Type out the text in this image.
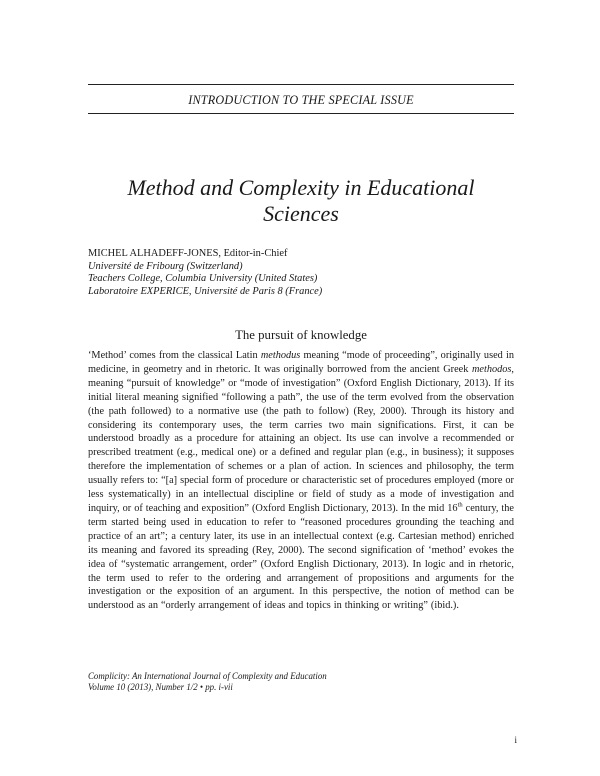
INTRODUCTION TO THE SPECIAL ISSUE
Method and Complexity in Educational Sciences
MICHEL ALHADEFF-JONES, Editor-in-Chief
Université de Fribourg (Switzerland)
Teachers College, Columbia University (United States)
Laboratoire EXPERICE, Université de Paris 8 (France)
The pursuit of knowledge

‘Method’ comes from the classical Latin methodus meaning “mode of proceeding”, originally used in medicine, in geometry and in rhetoric. It was originally borrowed from the ancient Greek methodos, meaning “pursuit of knowledge” or “mode of investigation” (Oxford English Dictionary, 2013). If its initial literal meaning signified “following a path”, the use of the term evolved from the observation (the path followed) to a normative use (the path to follow) (Rey, 2000). Through its history and considering its contemporary uses, the term carries two main significations. First, it can be understood broadly as a procedure for attaining an object. Its use can involve a recommended or prescribed treatment (e.g., medical one) or a defined and regular plan (e.g., in business); it supposes therefore the implementation of schemes or a plan of action. In sciences and philosophy, the term usually refers to: “[a] special form of procedure or characteristic set of procedures employed (more or less systematically) in an intellectual discipline or field of study as a mode of investigation and inquiry, or of teaching and exposition” (Oxford English Dictionary, 2013). In the mid 16th century, the term started being used in education to refer to “reasoned procedures grounding the teaching and practice of an art”; a century later, its use in an intellectual context (e.g. Cartesian method) enriched its meaning and favored its spreading (Rey, 2000). The second signification of ‘method’ evokes the idea of “systematic arrangement, order” (Oxford English Dictionary, 2013). In logic and in rhetoric, the term used to refer to the ordering and arrangement of propositions and arguments for the investigation or the exposition of an argument. In this perspective, the notion of method can be understood as an “orderly arrangement of ideas and topics in thinking or writing” (ibid.).

Complicity: An International Journal of Complexity and Education
Volume 10 (2013), Number 1/2 • pp. i-vii
i
